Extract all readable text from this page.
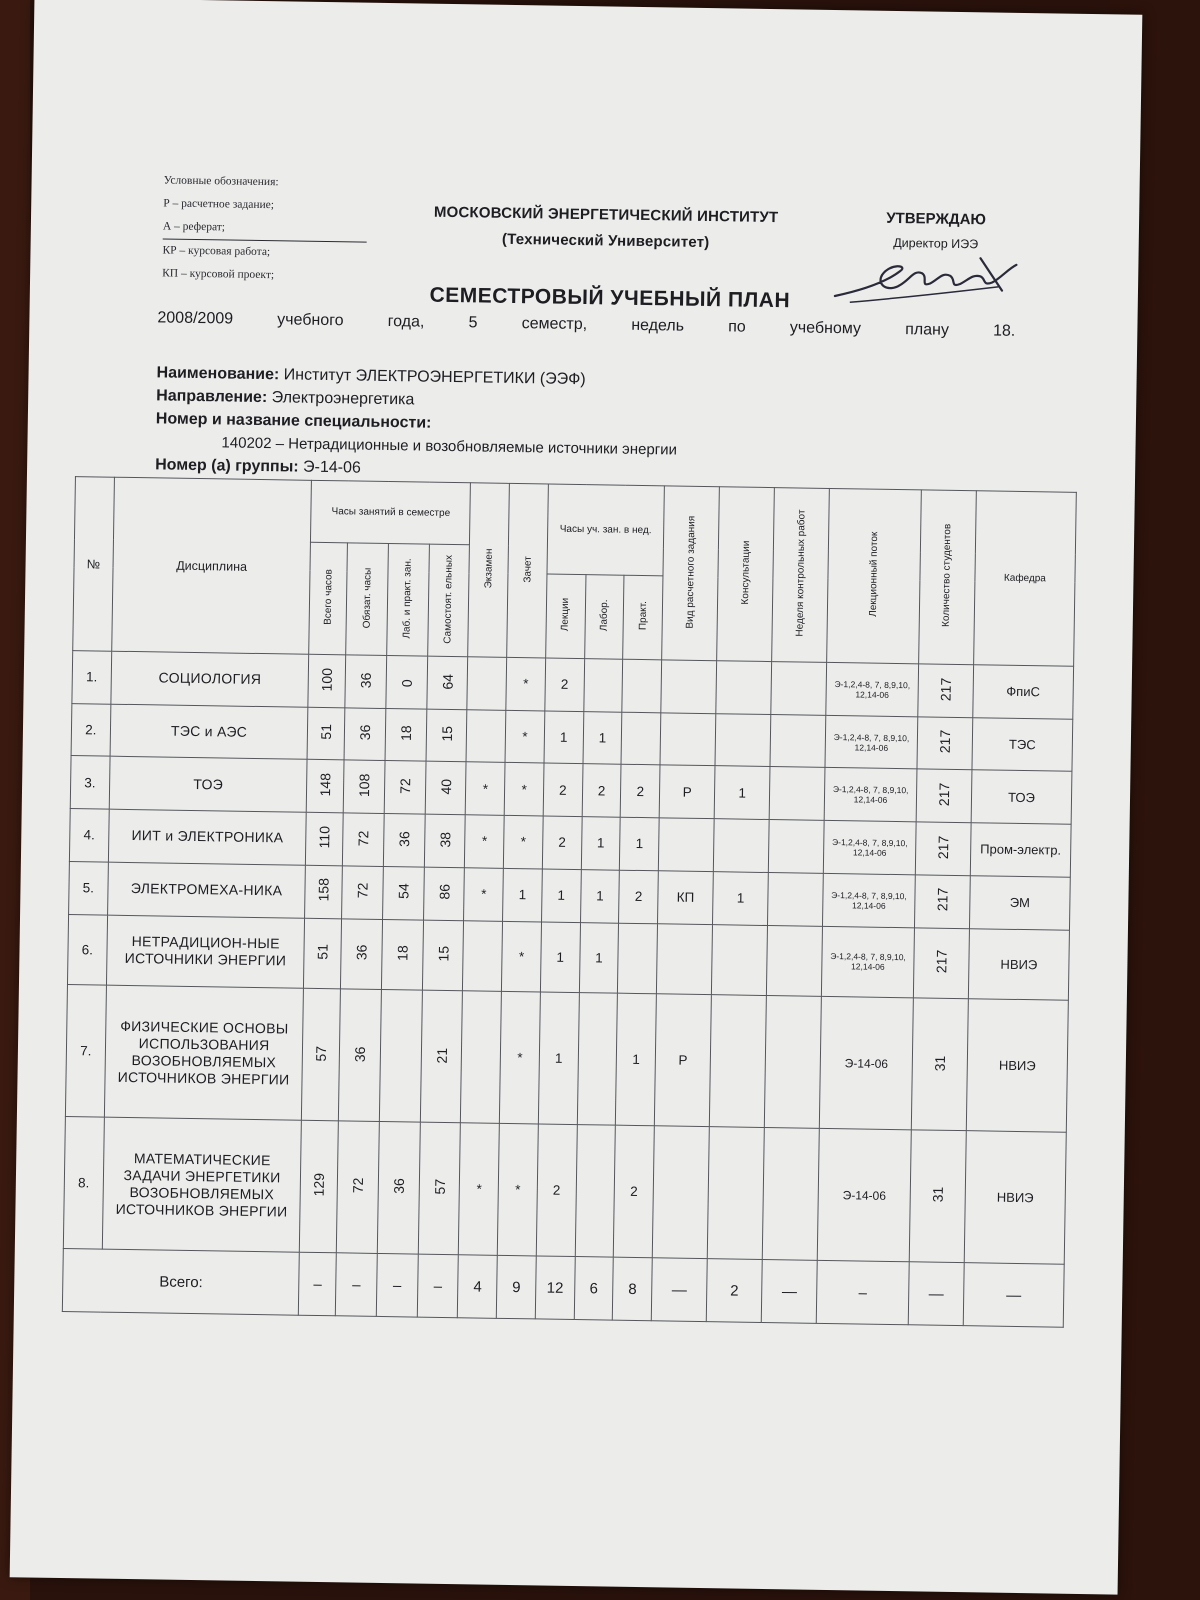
Условные обозначения:
Р – расчетное задание;
А – реферат;
КР – курсовая работа;
КП – курсовой проект;
МОСКОВСКИЙ ЭНЕРГЕТИЧЕСКИЙ ИНСТИТУТ
(Технический Университет)
УТВЕРЖДАЮ
Директор ИЭЭ
СЕМЕСТРОВЫЙ УЧЕБНЫЙ ПЛАН
2008/2009	учебного	года,	5	семестр,	недель	по	учебному	плану	18.
Наименование: Институт ЭЛЕКТРОЭНЕРГЕТИКИ (ЭЭФ)
Направление: Электроэнергетика
Номер и название специальности:
140202 – Нетрадиционные и возобновляемые источники энергии
Номер (а) группы: Э-14-06
№	Дисциплина	Часы занятий в семестре				Экзамен	Зачет	Часы уч. зан. в нед.			Вид расчетного задания	Консультации	Неделя контрольных работ	Лекционный поток	Количество студентов	Кафедра
		Всего часов	Обязат. часы	Лаб. и практ. зан.	Самостоят. ельных											
								Лекции	Лабор.	Практ.						
1.	СОЦИОЛОГИЯ	100	36	0	64		*	2						Э-1,2,4-8, 7, 8,9,10, 12,14-06	217	ФпиС
2.	ТЭС и АЭС	51	36	18	15		*	1	1					Э-1,2,4-8, 7, 8,9,10, 12,14-06	217	ТЭС
3.	ТОЭ	148	108	72	40	*	*	2	2	2	Р	1		Э-1,2,4-8, 7, 8,9,10, 12,14-06	217	ТОЭ
4.	ИИТ и ЭЛЕКТРОНИКА	110	72	36	38	*	*	2	1	1				Э-1,2,4-8, 7, 8,9,10, 12,14-06	217	Пром-электр.
5.	ЭЛЕКТРОМЕХА-НИКА	158	72	54	86	*	1	1	1	2	КП	1		Э-1,2,4-8, 7, 8,9,10, 12,14-06	217	ЭМ
6.	НЕТРАДИЦИОН-НЫЕ ИСТОЧНИКИ ЭНЕРГИИ	51	36	18	15		*	1	1					Э-1,2,4-8, 7, 8,9,10, 12,14-06	217	НВИЭ
7.	ФИЗИЧЕСКИЕ ОСНОВЫ ИСПОЛЬЗОВАНИЯ ВОЗОБНОВЛЯЕМЫХ ИСТОЧНИКОВ ЭНЕРГИИ	57	36		21		*	1		1	Р			Э-14-06	31	НВИЭ
8.	МАТЕМАТИЧЕСКИЕ ЗАДАЧИ ЭНЕРГЕТИКИ ВОЗОБНОВЛЯЕМЫХ ИСТОЧНИКОВ ЭНЕРГИИ	129	72	36	57	*	*	2		2				Э-14-06	31	НВИЭ
Всего:		–	–	–	–	4	9	12	6	8	—	2	—	–	—	—
